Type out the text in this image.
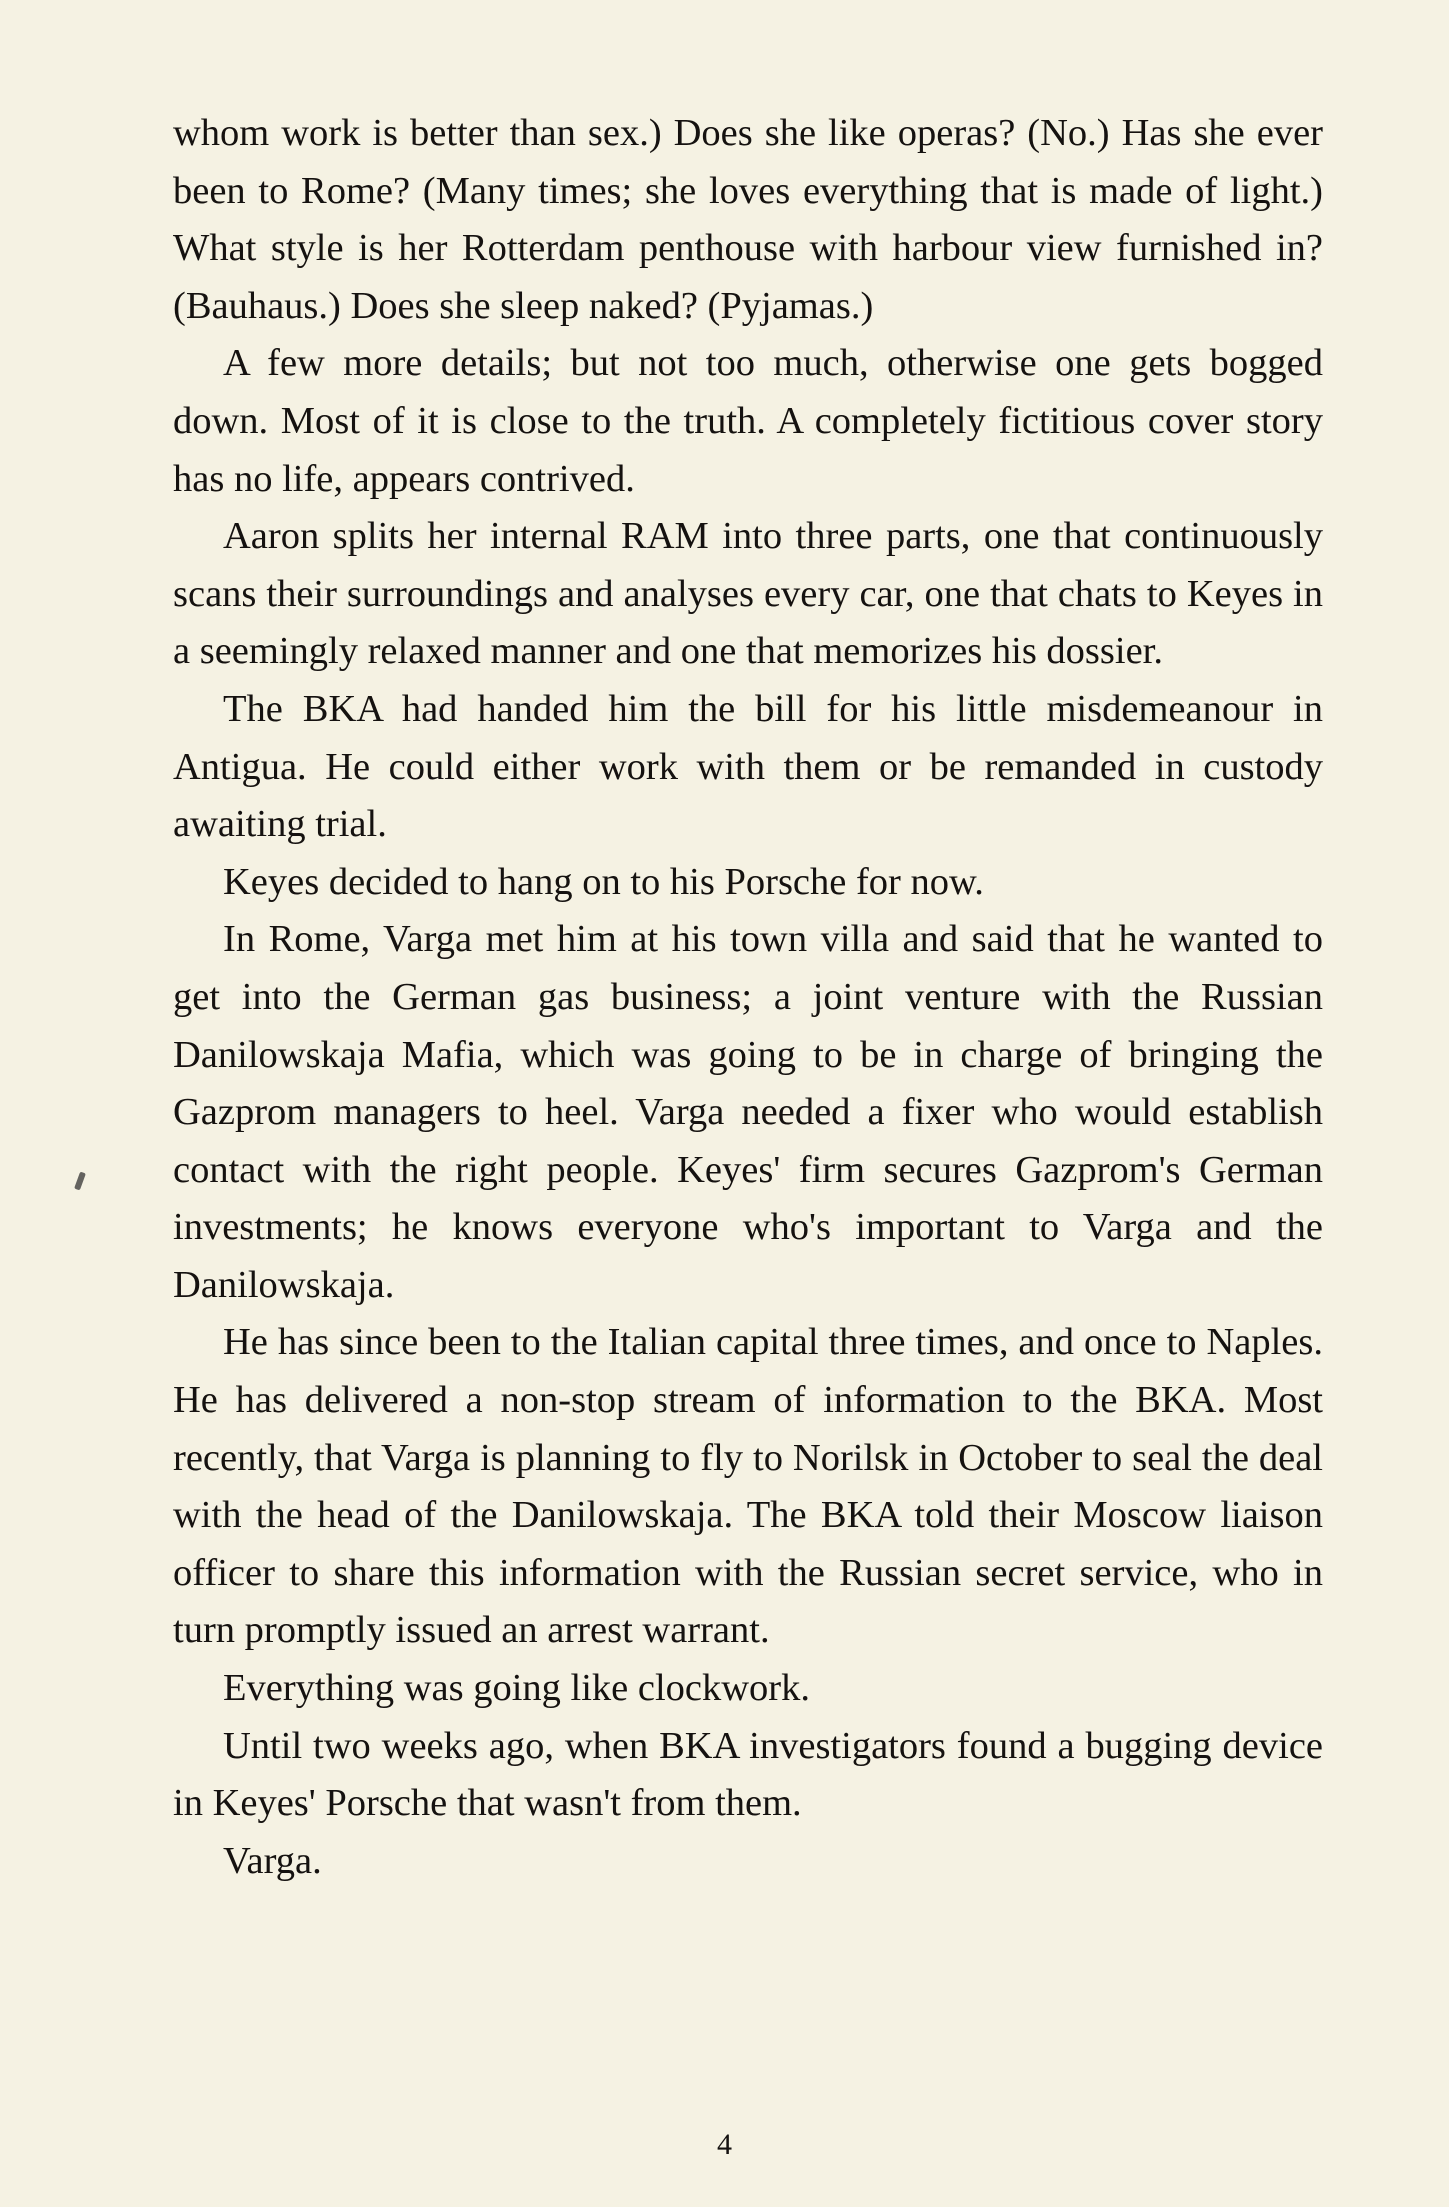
whom work is better than sex.) Does she like operas? (No.) Has she ever been to Rome? (Many times; she loves everything that is made of light.) What style is her Rotterdam penthouse with harbour view furnished in? (Bauhaus.) Does she sleep naked? (Pyjamas.)

A few more details; but not too much, otherwise one gets bogged down. Most of it is close to the truth. A completely fictitious cover story has no life, appears contrived.

Aaron splits her internal RAM into three parts, one that continuously scans their surroundings and analyses every car, one that chats to Keyes in a seemingly relaxed manner and one that memorizes his dossier.

The BKA had handed him the bill for his little misdemeanour in Antigua. He could either work with them or be remanded in custody awaiting trial.

Keyes decided to hang on to his Porsche for now.

In Rome, Varga met him at his town villa and said that he wanted to get into the German gas business; a joint venture with the Russian Danilowskaja Mafia, which was going to be in charge of bringing the Gazprom managers to heel. Varga needed a fixer who would establish contact with the right people. Keyes' firm secures Gazprom's German investments; he knows everyone who's important to Varga and the Danilowskaja.

He has since been to the Italian capital three times, and once to Naples. He has delivered a non-stop stream of information to the BKA. Most recently, that Varga is planning to fly to Norilsk in October to seal the deal with the head of the Danilowskaja. The BKA told their Moscow liaison officer to share this information with the Russian secret service, who in turn promptly issued an arrest warrant.

Everything was going like clockwork.

Until two weeks ago, when BKA investigators found a bugging device in Keyes' Porsche that wasn't from them.

Varga.

4
